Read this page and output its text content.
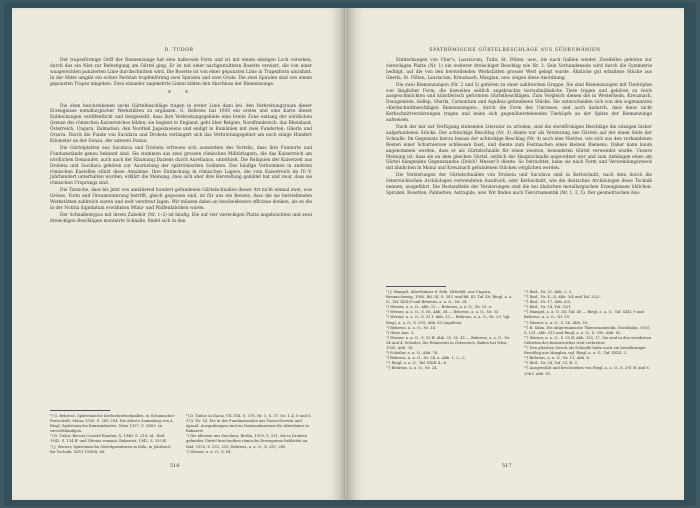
D. TUDOR

Der trapezförmige Griff der Riemenzunge hat eine halbovale Form und ist mit einem einzigen Loch versehen, durch das ein Niet zur Befestigung am Gürtel ging. Er ist mit einer nachgestalteten Rosette verziert, die von einer waagerechten punzierten Linie durchschnitten wird. Die Rosette ist von einer gepunzten Linie in Trapezform umrahmt. In der Mitte umgibt ein echter Perlstab tropfenförmig zwei Spiralen und zwei Ovale. Die zwei Spiralen sind von einem gepunzten Trapez umgeben. Zwei einander zugekehrte Linien bilden den Abschluss der Riemenzunge.

* *

Die oben beschriebenen sechs Gürtelbeschläge tragen in erster Linie dazu bei, den Verbreitungsraum dieser Erzeugnisse metallurgischer Werkstätten zu ergänzen. G. Behrens hat 1930 ein erstes und eine Karte dieser Entdeckungen veröffentlicht und festgestellt, dass ihre Verbreitungsgebiete eine breite Zone entlang der nördlichen Grenze des römischen Kaiserreiches bilden; sie beginnt in England, geht über Belgien, Nordfrankreich, das Rheinland, Österreich, Ungarn, Dalmatien, den Nordteil Jugoslawiens und endigt in Rumänien mit zwei Fundorten: Gherla und Orșova. Durch die Funde von Sucidava und Drobeta verlängert sich das Verbreitungsgebiet um noch einige Hundert Kilometer an der Donau, der unteren Donau.

Die Gürtelplatten aus Sucidava und Drobeta erfreuen sich ausserdem des Vorteils, dass ihre Fundorte und Fundumstände genau bekannt sind. Sie stammen aus zwei grossen römischen Militärlagern, die das Kaiserreich am nördlichen Donauufer, auch nach der Räumung Daziens durch Aurelianus, unterhielt. Die Reliquien der Kaiserzeit aus Drobeta und Sucidava gehören zur Ausrüstung der spätrömischen Soldaten. Das häufige Vorkommen in anderen römischen Kastellen stützt diese Annahme. Ihre Entdeckung in römischen Lagern, die vom Kaiserreich im IV.–V. Jahrhundert unterhalten wurden, erklärt die Meinung, dass sich aber ihre Herstellung gebildet hat und zwar, dass sie römischen Ursprungs sind.

Die Tatsache, dass bis jetzt von annähernd hundert gefundenen Gürtelschnallen dieser Art nicht einmal zwei, was Grösse, Form und Ornamentierung betrifft, gleich gegossen sind, ist für uns ein Beweis, dass die sie herstellenden Werkstätten zahlreich waren und weit verstreut lagen. Wir müssen dabei an bescheidenere officinae denken, als es die in der Notitia dignitatum erwähnten Münz- und Waffenfabriken waren.

Der Schnallentypus mit ihrem Zubehör (Nr. 1–2) ist häufig. Die auf vier viereckigen Platte angebrachten und zwei dreieckigen Beschlägen montierte Schnalle, findet sich in den

¹) G. Behrens, Spätrömische Kerbschnittschnallen, in Schumacher-Festschrift, Mainz 1930, S. 285–294. Die älteste Sammlung von A. Riegl, Spätrömische Kunstindustrie, Wien 1927, S. 284 f. zu vervollständigen.
²) D. Tudor, Recuei Corseid Romînă, X, 1946, S. 216; Id., Ibid. 1942, S. 134 ff. und Oltenia romană, Bukarest, 1942, S. 293 ff.
³) J. Werner, Spätrömische Gürtelgarnituren in Köln, in Jahrbuch für Technik, XXVI 1958/8, 66.
⁴) D. Tudor, in Dacia, VII–VIII, S. 378, Nr. 1; S. 37, Nr. 1–4, 6 und S. 373, Nr. 14. Die in der Fundmaterialie aus Turnu-Severin und Ayacal: Ausgrabungen sind im Nationalmuseum für Altertümer in Bukarest.
⁵) Die ältesten aus Sucidava, Berlin, 1929, S. 251, die in Drobeta gefunden Gürtel beschreiben römische Erzeugnisse bekleidet an, Ibid. 1929, S. 251, 255; Behrens, a. a. O., S. 287, 285.
⁶) Werner, a. a. O., S. 64.
516
SPÄTRÖMISCHE GÜRTELBESCHLÄGE AUS SÜDRUMÄNIEN

Entdeckungen von Cher's, Lauriacum, Tulln, St. Pölten, usw., bis nach Gallien wieder. Zweifellos gehören zur viereckigen Platte (Nr. 1) ein weiterer dreieckiger Beschlag wie Nr. 2. Sein Vorhandensein wird durch die Symmetrie bedingt, auf die von den herstellenden Werkstätten grosser Wert gelegt wurde. Ähnliche gut erhaltene Stücke aus Gherla, St. Pölten, Lauriacum, Kreuznach, Maxglan, usw. zeigen diese Anordnung.

Die zwei Riemenzungen (Nr. 2 und 5) gehören zu einer zahlreichen Gruppe. Sie sind Riemenzungen mit Tierköpfen von länglicher Form, die bisweilen seitlich angebrachte tierwahnähnliche Tiere tragen und gehören zu reich ausgeschmückten und künstlerisch geformten Gürtelbeschlägen. Zum Vergleich dienen die in Westerheim, Kreuznach, Donapentele, Gellep, Gherla, Carnuntum und Aquileia gefundenen Stücke. Sie unterscheiden sich von den sogenannten »Kerbschnittbeschlägen Riemenzungen«, durch die Form des Umrisses, und auch dadurch, dass diese nicht Kerbschnittverzierungen tragen und keine sich gegenüberstehenden Tierköpfe an der Spitze der Riemenzunge aufweisen.

Nach der mir zur Verfügung stehenden Literatur zu urteilen, sind die sternförmigen Beschläge die einzigen bisher aufgefundenen Stücke. Der achteckige Beschlag (Nr. 3) diente nur als Verzierung des Gürtels auf der einen Seite der Schnalle. Im Gegensatz hierzu besass der achteckige Beschlag (Nr. 4) auch eine Nietöse, wie sich aus den vorhandenen Resten einer Scharnierose schliessen lässt, und diente zum Festmachen eines kleinen Riemens. Daher kann kaum angenommen werden, dass er als Gürtelschnalle für einen zweiten, besonderen Gürtel verwendet wurde. Unsere Meinung ist, dass sie an dem gleichen Gürtel, seitlich der Hauptschnalle angeordnet war und zum Anhängen eines am Gürtel hängenden Gegenstandes (Dolch? Messer?) diente. So betrachtet, kann sie nach Form und Verwendungszweck mit ähnlichen in Mainz und Kreuznach gefundenen Stücken verglichen werden.

Die Verzierungen der Gürtelschnallen von Drobeta und Sucidava sind in Kerbschnitt, nach dem durch die österreichischen Archäologen verwendeten Ausdruck, oder Kerbschnitt, wie die deutschen Archäologen diese Technik nennen, ausgeführt. Die Bestandteile der Verzierungen sind die bei ähnlichen metallurgischen Erzeugnissen üblichen: Spiralen, Rosetten, Palmetten, Astragale, usw. Wir finden auch Tierornamentik (Nr. 1, 2, 5). Der geometrischen Aus-

¹) J. Hampel, Alterthümer d. früh. Mittelalt. aus Ungarn, Braunschweig, 1905, Bd. III, S. 34 f. und Bd. III, Taf. 40; Riegl, a. a. O., Taf. XXII/9 und Behrens, a. a. O., Nr. 24.
²) Werner, a. a. O., Abb. 12 — Behrens, a. a. O., Nr. 31, u.
³) Werner, a. a. O., S. 56, Abb. 34 — Behrens, a. a. O., Nr. 33.
⁴) Werner, a. a. O., S. 51 f. Abb. 33 — Behrens, a. a. O., Nr. 23; Vgl. Riegl, a. a. O., S. 293, Abb. 82 (Aquileia).
⁵) Behrens, a. a. O., Nr. 14.
⁶) Ohne Ann. 1.
⁷) Werner, a. a. O., S. 52 ff. Abb. 33, 35, 41 — Behrens, a. a. O., Nr. 24 und 4. Scheiler, Die Römerzeit in Österreich, Baden bei Wien, 1935, Abb. 76.
⁸) Scheiler, a. a. O., Abb. 78.
⁹) Behrens, a. a. O., Nr. 24, a. Abb. 1, 2—3.
¹⁰) Riegl, a. a. O., Taf. XXIII 4—6.
¹¹) Behrens, a. a. O., Nr. 24.
¹²) Ibid., Nr. 21, Abb. 2, 3.
¹³) Ibid., Nr. 4—8, Abb. 3/4 und Taf. 32/2.
¹⁴) Ibid., Nr. 17, Abb. 6/3.
¹⁵) Ibid., Nr. 14, Taf. 32/1.
¹⁶) Hampel, a. a. O., III, Taf. 40 — Riegl, a. a. O., Taf. XXII, 9 und Behrens, a. a. O., Nr. 29.
¹⁷) Werner, a. a. O., S. 56, Abb. 38.
¹⁸) B. Salin, Die altgermanische Thierornamentik, Stockholm, 1935, S. 131, Abb. 313 und Riegl, a. a. O., S. 290, Abb. 82.
¹⁹) Werner, a. a. O., S. 52 ff. Abb. 120, 17. Sie sind in den westlichen Gebieten des Kaiserreiches weit verbreitet.
²⁰) Den gleichen Zweck als Schnalle hatte auch ein kreisförmiger Beschlag aus Maxglan, vgl. Riegl, a. a. O., Taf. XXIII, 2.
²¹) Behrens, a. a. O., Nr. 11, Abb. 6.
²²) Ibid., Nr. 24, Taf. 32, R. 3.
²³) Ausgewählt und beschrieben von Riegl, a. a. O., S. 291 ff. und S. 296 f. Abb. 81.
517
